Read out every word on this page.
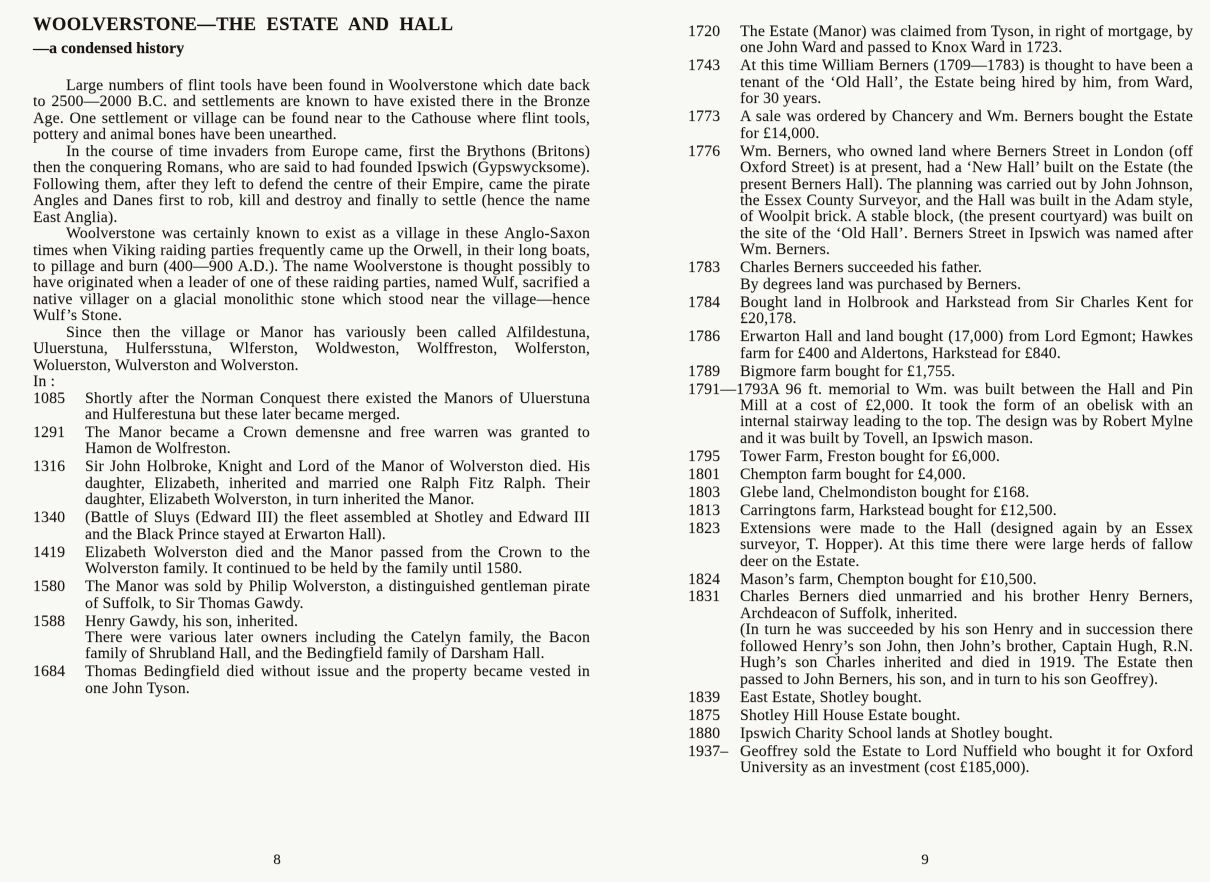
WOOLVERSTONE—THE ESTATE AND HALL
—a condensed history

Large numbers of flint tools have been found in Woolverstone which date back to 2500—2000 B.C. and settlements are known to have existed there in the Bronze Age. One settlement or village can be found near to the Cathouse where flint tools, pottery and animal bones have been unearthed.

In the course of time invaders from Europe came, first the Brythons (Britons) then the conquering Romans, who are said to had founded Ipswich (Gypswycksome). Following them, after they left to defend the centre of their Empire, came the pirate Angles and Danes first to rob, kill and destroy and finally to settle (hence the name East Anglia).

Woolverstone was certainly known to exist as a village in these Anglo-Saxon times when Viking raiding parties frequently came up the Orwell, in their long boats, to pillage and burn (400—900 A.D.). The name Woolverstone is thought possibly to have originated when a leader of one of these raiding parties, named Wulf, sacrified a native villager on a glacial monolithic stone which stood near the village—hence Wulf’s Stone.

Since then the village or Manor has variously been called Alfildestuna, Uluerstuna, Hulfersstuna, Wlferston, Woldweston, Wolffreston, Wolferston, Woluerston, Wulverston and Wolverston.

In :
1085 Shortly after the Norman Conquest there existed the Manors of Uluerstuna and Hulferestuna but these later became merged.
1291 The Manor became a Crown demensne and free warren was granted to Hamon de Wolfreston.
1316 Sir John Holbroke, Knight and Lord of the Manor of Wolverston died. His daughter, Elizabeth, inherited and married one Ralph Fitz Ralph. Their daughter, Elizabeth Wolverston, in turn inherited the Manor.
1340 (Battle of Sluys (Edward III) the fleet assembled at Shotley and Edward III and the Black Prince stayed at Erwarton Hall).
1419 Elizabeth Wolverston died and the Manor passed from the Crown to the Wolverston family. It continued to be held by the family until 1580.
1580 The Manor was sold by Philip Wolverston, a distinguished gentleman pirate of Suffolk, to Sir Thomas Gawdy.
1588 Henry Gawdy, his son, inherited.
There were various later owners including the Catelyn family, the Bacon family of Shrubland Hall, and the Bedingfield family of Darsham Hall.
1684 Thomas Bedingfield died without issue and the property became vested in one John Tyson.
1720 The Estate (Manor) was claimed from Tyson, in right of mortgage, by one John Ward and passed to Knox Ward in 1723.
1743 At this time William Berners (1709—1783) is thought to have been a tenant of the ‘Old Hall’, the Estate being hired by him, from Ward, for 30 years.
1773 A sale was ordered by Chancery and Wm. Berners bought the Estate for £14,000.
1776 Wm. Berners, who owned land where Berners Street in London (off Oxford Street) is at present, had a ‘New Hall’ built on the Estate (the present Berners Hall). The planning was carried out by John Johnson, the Essex County Surveyor, and the Hall was built in the Adam style, of Woolpit brick. A stable block, (the present courtyard) was built on the site of the ‘Old Hall’. Berners Street in Ipswich was named after Wm. Berners.
1783 Charles Berners succeeded his father.
By degrees land was purchased by Berners.
1784 Bought land in Holbrook and Harkstead from Sir Charles Kent for £20,178.
1786 Erwarton Hall and land bought (17,000) from Lord Egmont; Hawkes farm for £400 and Aldertons, Harkstead for £840.
1789 Bigmore farm bought for £1,755.
1791—1793A 96 ft. memorial to Wm. was built between the Hall and Pin Mill at a cost of £2,000. It took the form of an obelisk with an internal stairway leading to the top. The design was by Robert Mylne and it was built by Tovell, an Ipswich mason.
1795 Tower Farm, Freston bought for £6,000.
1801 Chempton farm bought for £4,000.
1803 Glebe land, Chelmondiston bought for £168.
1813 Carringtons farm, Harkstead bought for £12,500.
1823 Extensions were made to the Hall (designed again by an Essex surveyor, T. Hopper). At this time there were large herds of fallow deer on the Estate.
1824 Mason’s farm, Chempton bought for £10,500.
1831 Charles Berners died unmarried and his brother Henry Berners, Archdeacon of Suffolk, inherited.
(In turn he was succeeded by his son Henry and in succession there followed Henry’s son John, then John’s brother, Captain Hugh, R.N. Hugh’s son Charles inherited and died in 1919. The Estate then passed to John Berners, his son, and in turn to his son Geoffrey).
1839 East Estate, Shotley bought.
1875 Shotley Hill House Estate bought.
1880 Ipswich Charity School lands at Shotley bought.
1937– Geoffrey sold the Estate to Lord Nuffield who bought it for Oxford University as an investment (cost £185,000).
8	9
